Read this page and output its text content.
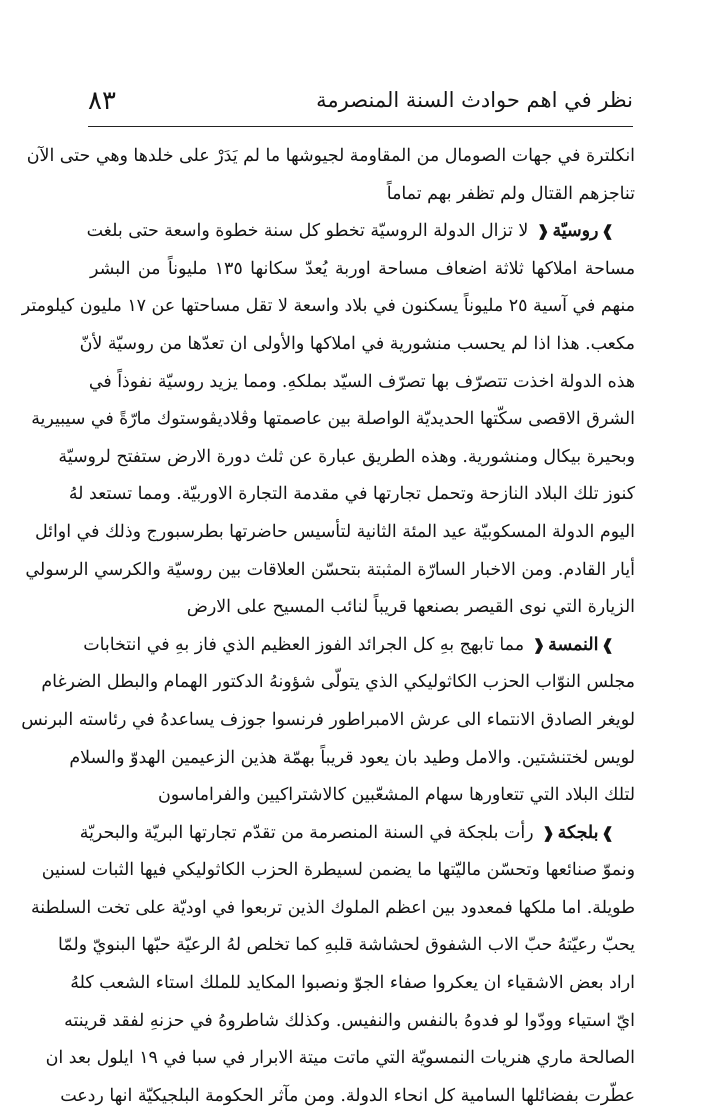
٨٣	نظر في اهم حوادث السنة المنصرمة
انكلترة في جهات الصومال من المقاومة لجيوشها ما لم يَدَرْ على خلدها وهي حتى الآن
تناجزهم القتال ولم تظفر بهم تماماً
❱روسيّة❰ لا تزال الدولة الروسيّة تخطو كل سنة خطوة واسعة حتى بلغت
مساحة املاكها ثلاثة اضعاف مساحة اوربة يُعدّ سكانها ١٣٥ مليوناً من البشر
منهم في آسية ٢٥ مليوناً يسكنون في بلاد واسعة لا تقل مساحتها عن ١٧ مليون كيلومتر
مكعب. هذا اذا لم يحسب منشورية في املاكها والأولى ان تعدّها من روسيّة لأنّ
هذه الدولة اخذت تتصرّف بها تصرّف السيّد بملكهِ. ومما يزيد روسيّة نفوذاً في
الشرق الاقصى سكّتها الحديديّة الواصلة بين عاصمتها وڤلاديڤوستوك مارّةً في سيبيرية
وبحيرة بيكال ومنشورية. وهذه الطريق عبارة عن ثلث دورة الارض ستفتح لروسيّة
كنوز تلك البلاد النازحة وتحمل تجارتها في مقدمة التجارة الاوربيّة. ومما تستعد لهُ
اليوم الدولة المسكوبيّة عيد المئة الثانية لتأسيس حاضرتها بطرسبورج وذلك في اوائل
أيار القادم. ومن الاخبار السارّة المثبتة بتحسّن العلاقات بين روسيّة والكرسي الرسولي
الزيارة التي نوى القيصر بصنعها قريباً لنائب المسيح على الارض
❱النمسة❰ مما تابهج بهِ كل الجرائد الفوز العظيم الذي فاز بهِ في انتخابات
مجلس النوّاب الحزب الكاثوليكي الذي يتولّى شؤونهُ الدكتور الهمام والبطل الضرغام
لويغر الصادق الانتماء الى عرش الامبراطور فرنسوا جوزف يساعدهُ في رئاسته البرنس
لويس لختنشتين. والامل وطيد بان يعود قريباً بهمّة هذين الزعيمين الهدوّ والسلام
لتلك البلاد التي تتعاورها سهام المشعّبين كالاشتراكيين والفراماسون
❱بلجكة❰ رأت بلجكة في السنة المنصرمة من تقدّم تجارتها البريّة والبحريّة
ونموّ صنائعها وتحسّن ماليّتها ما يضمن لسيطرة الحزب الكاثوليكي فيها الثبات لسنين
طويلة. اما ملكها فمعدود بين اعظم الملوك الذين تربعوا في اوديّة على تخت السلطنة
يحبّ رعيّتهُ حبّ الاب الشفوق لحشاشة قلبهِ كما تخلص لهُ الرعيّة حبّها البنويّ ولمّا
اراد بعض الاشقياء ان يعكروا صفاء الجوّ ونصبوا المكايد للملك استاء الشعب كلهُ
ايّ استياء وودّوا لو فدوهُ بالنفس والنفيس. وكذلك شاطروهُ في حزنهِ لفقد قرينته
الصالحة ماري هنريات النمسويّة التي ماتت ميتة الابرار في سبا في ١٩ ايلول بعد ان
عطّرت بفضائلها السامية كل انحاء الدولة. ومن مآثر الحكومة البلجيكيّة انها ردعت
